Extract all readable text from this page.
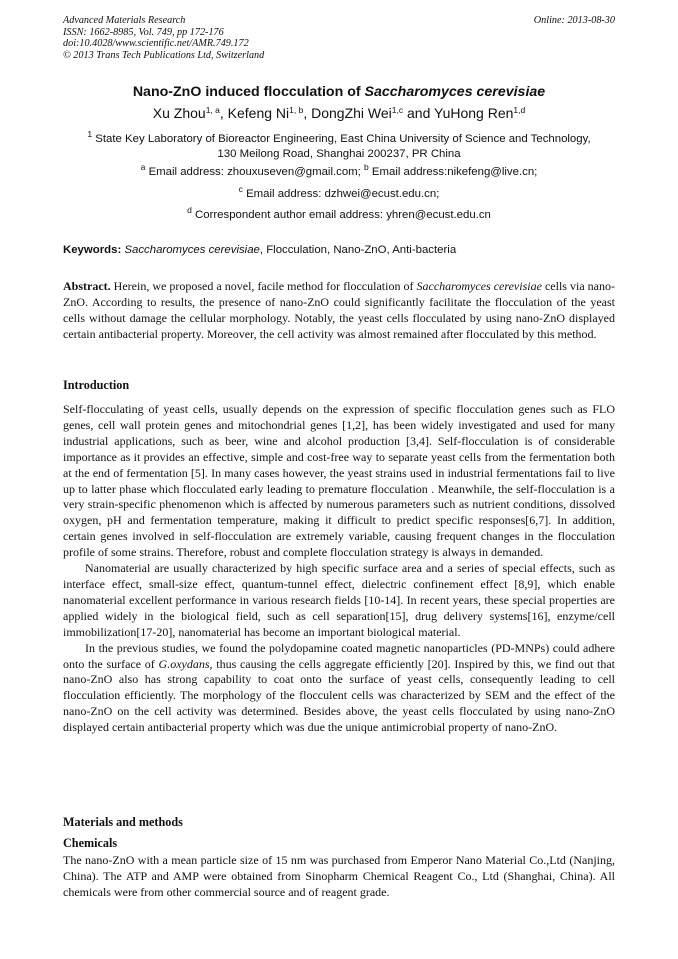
Advanced Materials Research
ISSN: 1662-8985, Vol. 749, pp 172-176
doi:10.4028/www.scientific.net/AMR.749.172
© 2013 Trans Tech Publications Ltd, Switzerland
Online: 2013-08-30
Nano-ZnO induced flocculation of Saccharomyces cerevisiae
Xu Zhou$^{1, a}$, Kefeng Ni$^{1, b}$, DongZhi Wei$^{1,c}$ and YuHong Ren$^{1,d}$
$^1$ State Key Laboratory of Bioreactor Engineering, East China University of Science and Technology,
130 Meilong Road, Shanghai 200237, PR China
$^a$ Email address: zhouxuseven@gmail.com; $^b$ Email address:nikefeng@live.cn;
$^c$ Email address: dzhwei@ecust.edu.cn;
$^d$ Correspondent author email address: yhren@ecust.edu.cn
Keywords: Saccharomyces cerevisiae, Flocculation, Nano-ZnO, Anti-bacteria
Abstract. Herein, we proposed a novel, facile method for flocculation of Saccharomyces cerevisiae cells via nano-ZnO. According to results, the presence of nano-ZnO could significantly facilitate the flocculation of the yeast cells without damage the cellular morphology. Notably, the yeast cells flocculated by using nano-ZnO displayed certain antibacterial property. Moreover, the cell activity was almost remained after flocculated by this method.
Introduction

Self-flocculating of yeast cells, usually depends on the expression of specific flocculation genes such as FLO genes, cell wall protein genes and mitochondrial genes [1,2], has been widely investigated and used for many industrial applications, such as beer, wine and alcohol production [3,4]. Self-flocculation is of considerable importance as it provides an effective, simple and cost-free way to separate yeast cells from the fermentation both at the end of fermentation [5]. In many cases however, the yeast strains used in industrial fermentations fail to live up to latter phase which flocculated early leading to premature flocculation . Meanwhile, the self-flocculation is a very strain-specific phenomenon which is affected by numerous parameters such as nutrient conditions, dissolved oxygen, pH and fermentation temperature, making it difficult to predict specific responses[6,7]. In addition, certain genes involved in self-flocculation are extremely variable, causing frequent changes in the flocculation profile of some strains. Therefore, robust and complete flocculation strategy is always in demanded.

Nanomaterial are usually characterized by high specific surface area and a series of special effects, such as interface effect, small-size effect, quantum-tunnel effect, dielectric confinement effect [8,9], which enable nanomaterial excellent performance in various research fields [10-14]. In recent years, these special properties are applied widely in the biological field, such as cell separation[15], drug delivery systems[16], enzyme/cell immobilization[17-20], nanomaterial has become an important biological material.

In the previous studies, we found the polydopamine coated magnetic nanoparticles (PD-MNPs) could adhere onto the surface of G.oxydans, thus causing the cells aggregate efficiently [20]. Inspired by this, we find out that nano-ZnO also has strong capability to coat onto the surface of yeast cells, consequently leading to cell flocculation efficiently. The morphology of the flocculent cells was characterized by SEM and the effect of the nano-ZnO on the cell activity was determined. Besides above, the yeast cells flocculated by using nano-ZnO displayed certain antibacterial property which was due the unique antimicrobial property of nano-ZnO.

Materials and methods
Chemicals

The nano-ZnO with a mean particle size of 15 nm was purchased from Emperor Nano Material Co.,Ltd (Nanjing, China). The ATP and AMP were obtained from Sinopharm Chemical Reagent Co., Ltd (Shanghai, China). All chemicals were from other commercial source and of reagent grade.
